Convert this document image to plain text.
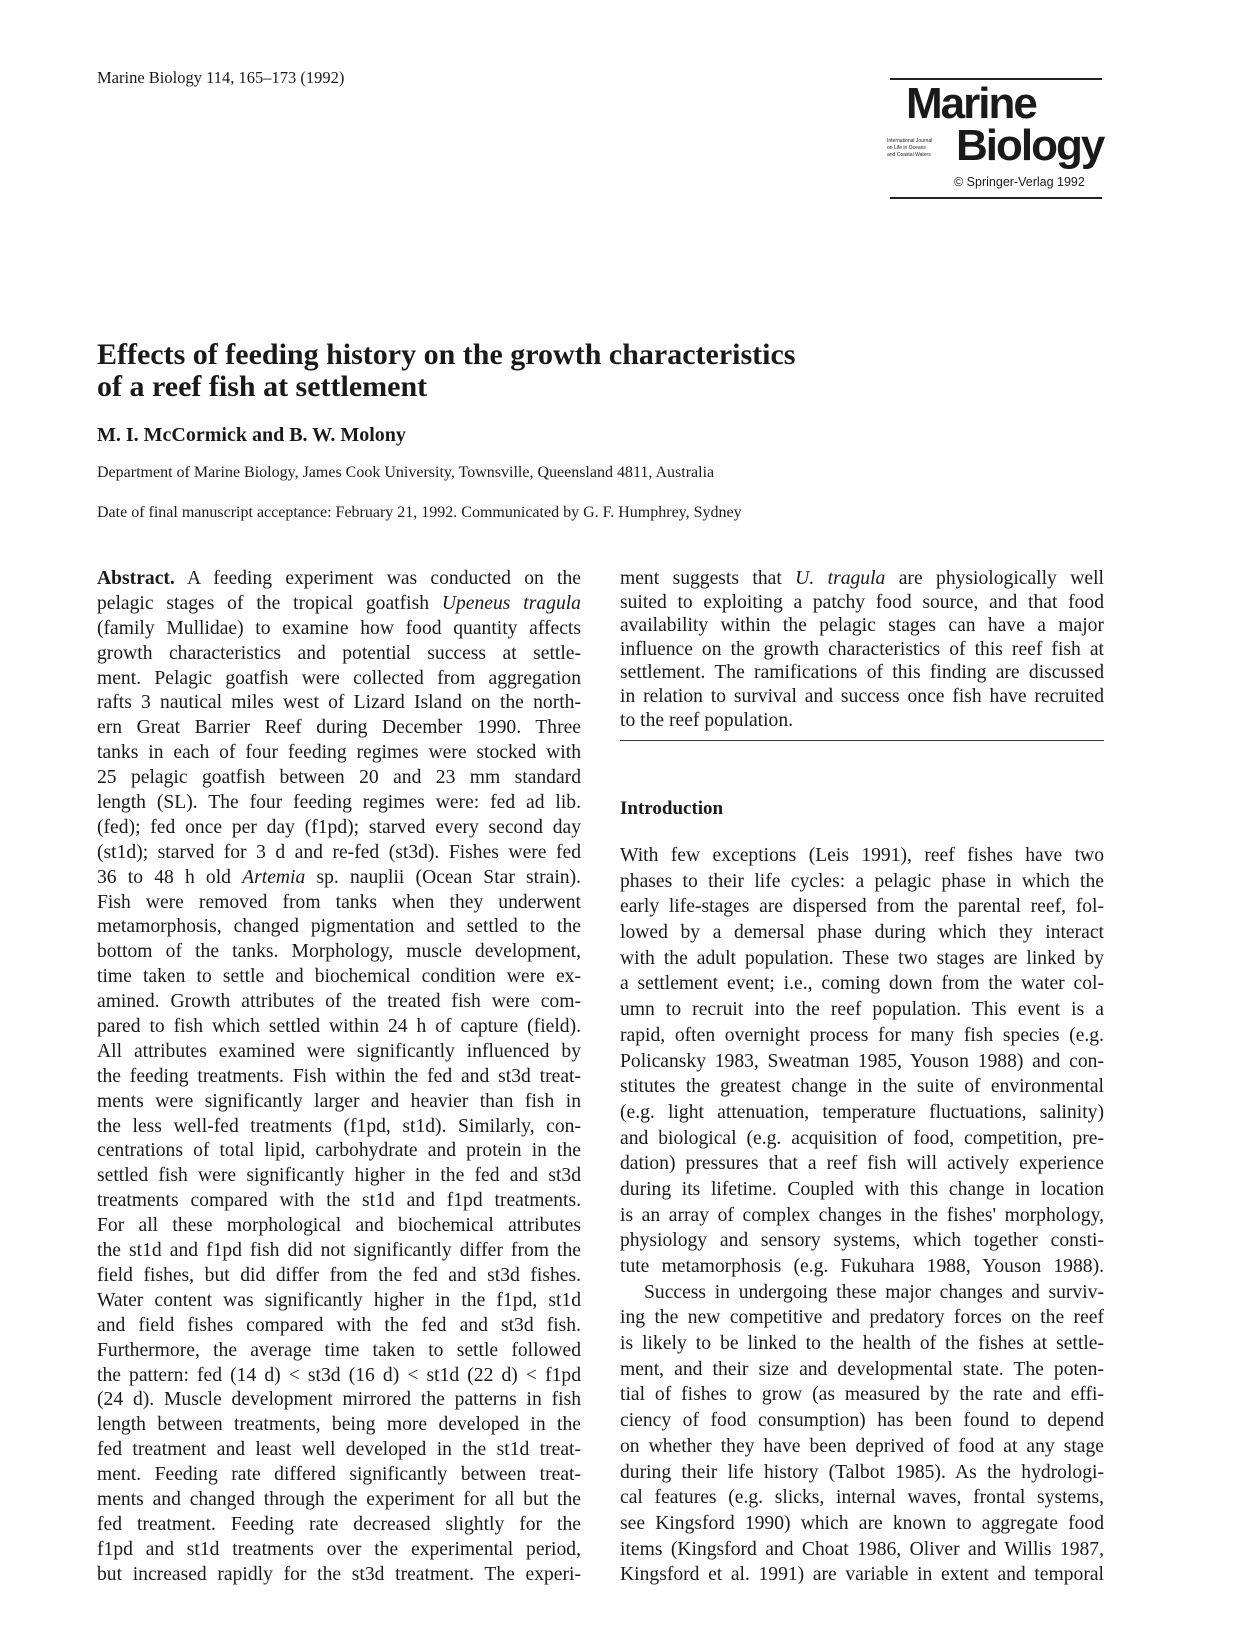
Marine Biology 114, 165–173 (1992)
Marine
International Journal
on Life in Oceans
and Coastal Waters Biology
© Springer-Verlag 1992
Effects of feeding history on the growth characteristics
of a reef fish at settlement
M. I. McCormick and B. W. Molony
Department of Marine Biology, James Cook University, Townsville, Queensland 4811, Australia
Date of final manuscript acceptance: February 21, 1992. Communicated by G. F. Humphrey, Sydney
Abstract. A feeding experiment was conducted on the
pelagic stages of the tropical goatfish Upeneus tragula
(family Mullidae) to examine how food quantity affects
growth characteristics and potential success at settle-
ment. Pelagic goatfish were collected from aggregation
rafts 3 nautical miles west of Lizard Island on the north-
ern Great Barrier Reef during December 1990. Three
tanks in each of four feeding regimes were stocked with
25 pelagic goatfish between 20 and 23 mm standard
length (SL). The four feeding regimes were: fed ad lib.
(fed); fed once per day (f1pd); starved every second day
(st1d); starved for 3 d and re-fed (st3d). Fishes were fed
36 to 48 h old Artemia sp. nauplii (Ocean Star strain).
Fish were removed from tanks when they underwent
metamorphosis, changed pigmentation and settled to the
bottom of the tanks. Morphology, muscle development,
time taken to settle and biochemical condition were ex-
amined. Growth attributes of the treated fish were com-
pared to fish which settled within 24 h of capture (field).
All attributes examined were significantly influenced by
the feeding treatments. Fish within the fed and st3d treat-
ments were significantly larger and heavier than fish in
the less well-fed treatments (f1pd, st1d). Similarly, con-
centrations of total lipid, carbohydrate and protein in the
settled fish were significantly higher in the fed and st3d
treatments compared with the st1d and f1pd treatments.
For all these morphological and biochemical attributes
the st1d and f1pd fish did not significantly differ from the
field fishes, but did differ from the fed and st3d fishes.
Water content was significantly higher in the f1pd, st1d
and field fishes compared with the fed and st3d fish.
Furthermore, the average time taken to settle followed
the pattern: fed (14 d) < st3d (16 d) < st1d (22 d) < f1pd
(24 d). Muscle development mirrored the patterns in fish
length between treatments, being more developed in the
fed treatment and least well developed in the st1d treat-
ment. Feeding rate differed significantly between treat-
ments and changed through the experiment for all but the
fed treatment. Feeding rate decreased slightly for the
f1pd and st1d treatments over the experimental period,
but increased rapidly for the st3d treatment. The experi-
ment suggests that U. tragula are physiologically well
suited to exploiting a patchy food source, and that food
availability within the pelagic stages can have a major
influence on the growth characteristics of this reef fish at
settlement. The ramifications of this finding are discussed
in relation to survival and success once fish have recruited
to the reef population.
Introduction
With few exceptions (Leis 1991), reef fishes have two
phases to their life cycles: a pelagic phase in which the
early life-stages are dispersed from the parental reef, fol-
lowed by a demersal phase during which they interact
with the adult population. These two stages are linked by
a settlement event; i.e., coming down from the water col-
umn to recruit into the reef population. This event is a
rapid, often overnight process for many fish species (e.g.
Policansky 1983, Sweatman 1985, Youson 1988) and con-
stitutes the greatest change in the suite of environmental
(e.g. light attenuation, temperature fluctuations, salinity)
and biological (e.g. acquisition of food, competition, pre-
dation) pressures that a reef fish will actively experience
during its lifetime. Coupled with this change in location
is an array of complex changes in the fishes' morphology,
physiology and sensory systems, which together consti-
tute metamorphosis (e.g. Fukuhara 1988, Youson 1988).
Success in undergoing these major changes and surviv-
ing the new competitive and predatory forces on the reef
is likely to be linked to the health of the fishes at settle-
ment, and their size and developmental state. The poten-
tial of fishes to grow (as measured by the rate and effi-
ciency of food consumption) has been found to depend
on whether they have been deprived of food at any stage
during their life history (Talbot 1985). As the hydrologi-
cal features (e.g. slicks, internal waves, frontal systems,
see Kingsford 1990) which are known to aggregate food
items (Kingsford and Choat 1986, Oliver and Willis 1987,
Kingsford et al. 1991) are variable in extent and temporal
